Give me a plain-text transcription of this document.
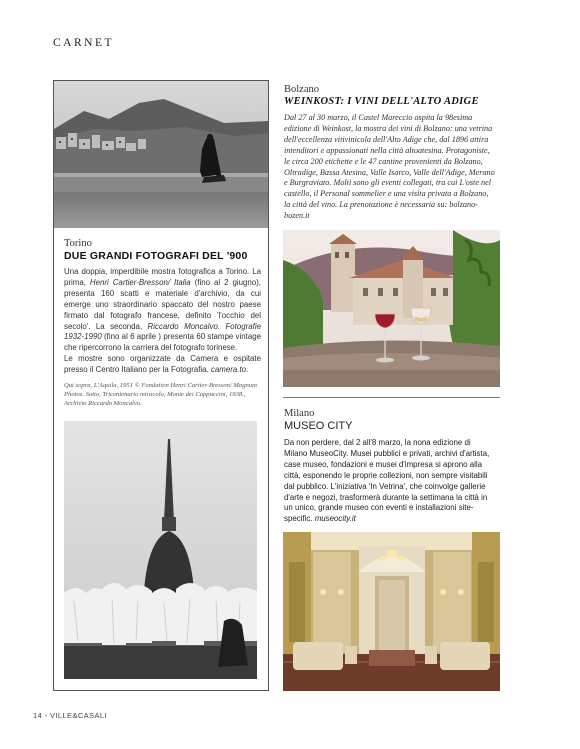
CARNET
Torino
DUE GRANDI FOTOGRAFI DEL '900
Una doppia, imperdibile mostra fotografica a Torino. La prima, Henri Cartier-Bresson/ Italia (fino al 2 giugno), presenta 160 scatti e materiale d'archivio, da cui emerge uno straordinario spaccato del nostro paese firmato dal fotografo francese, definito 'l'occhio del secolo'. La seconda, Riccardo Moncalvo. Fotografie 1932-1990 (fino al 6 aprile ) presenta 60 stampe vintage che ripercorrono la carriera del fotografo torinese.
Le mostre sono organizzate da Camera e ospitate presso il Centro Italiano per la Fotografia. camera.to.
Qui sopra, L'Aquila, 1951 © Fondation Henri Cartier-Bresson/ Magnum Photos. Sotto, Tricentenario miracolo, Monte dei Cappuccini, 1938., Archivio Riccardo Moncalvo.
Bolzano
WEINKOST: I VINI DELL'ALTO ADIGE
Dal 27 al 30 marzo, il Castel Mareccio ospita la 98esima edizione di Weinkost, la mostra dei vini di Bolzano: una vetrina dell'eccellenza vitivinicola dell'Alto Adige che, dal 1896 attira intenditori e appassionati nella città altoatesina. Protagoniste, le circa 200 etichette e le 47 cantine provenienti da Bolzano, Oltradige, Bassa Atesina, Valle Isarco, Valle dell'Adige, Merano e Burgraviato. Molti sono gli eventi collegati, tra cui L'oste nel castello, il Personal sommelier e una visita privata a Bolzano, la città del vino. La prenotazione è necessaria su: bolzano-bozen.it
Milano
MUSEO CITY
Da non perdere, dal 2 all'8 marzo, la nona edizione di Milano MuseoCity. Musei pubblici e privati, archivi d'artista, case museo, fondazioni e musei d'impresa si aprono alla città, esponendo le proprie collezioni, non sempre visitabili dal pubblico. L'iniziativa 'In Vetrina', che coinvolge gallerie d'arte e negozi, trasformerà durante la settimana la città in un unico, grande museo con eventi e installazioni site-specific. museocity.it
14 - VILLE&CASALI
